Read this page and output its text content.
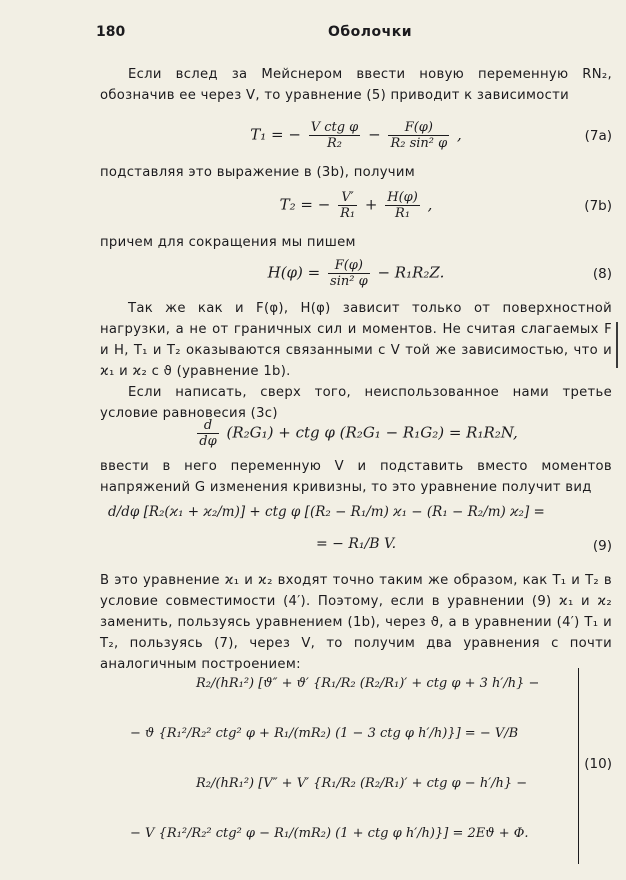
180	Оболочки

Если вслед за Мейснером ввести новую переменную RN₂, обозначив ее через V, то уравнение (5) приводит к зависимости

T₁ = − $\frac{\text{V ctg φ}}{\text{R₂}} - \frac{F(\varphi)}{\text{R₂ sin² φ}}$ ,	(7a)

подставляя это выражение в (3b), получим

T₂ = − $\frac{V'}{\text{R₁}} + \frac{H(\varphi)}{\text{R₁}}$ ,	(7b)

причем для сокращения мы пишем

$H(\varphi) = \frac{F(\varphi)}{\text{sin² φ}} - R_1R_2Z$.	(8)

Так же как и F(φ), H(φ) зависит только от поверхностной нагрузки, а не от граничных сил и моментов. Не считая слагаемых F и H, T₁ и T₂ оказываются связанными с V той же зависимостью, что и ϰ₁ и ϰ₂ с ϑ (уравнение 1b).

Если написать, сверх того, неиспользованное нами третье условие равновесия (3c)

$\frac{d}{d\varphi} (R_2G_1)$ + ctg φ (R₂G₁ − R₁G₂) = R₁R₂N,

ввести в него переменную V и подставить вместо моментов напряжений G изменения кривизны, то это уравнение получит вид

d/dφ [R₂(ϰ₁ + ϰ₂/m)] + ctg φ [(R₂ − R₁/m) ϰ₁ − (R₁ − R₂/m) ϰ₂] =
= − R₁/B V.	(9)

В это уравнение ϰ₁ и ϰ₂ входят точно таким же образом, как T₁ и T₂ в условие совместимости (4′). Поэтому, если в уравнении (9) ϰ₁ и ϰ₂ заменить, пользуясь уравнением (1b), через ϑ, а в уравнении (4′) T₁ и T₂, пользуясь (7), через V, то получим два уравнения с почти аналогичным построением:

R₂/(hR₁²) [ϑ″ + ϑ′ {R₁/R₂ (R₂/R₁)′ + ctg φ + 3 h′/h} −
− ϑ {R₁²/R₂² ctg² φ + R₁/(mR₂) (1 − 3 ctg φ h′/h)}] = − V/B
R₂/(hR₁²) [V″ + V′ {R₁/R₂ (R₂/R₁)′ + ctg φ − h′/h} −
− V {R₁²/R₂² ctg² φ − R₁/(mR₂) (1 + ctg φ h′/h)}] = 2Eϑ + Φ.
(10)
